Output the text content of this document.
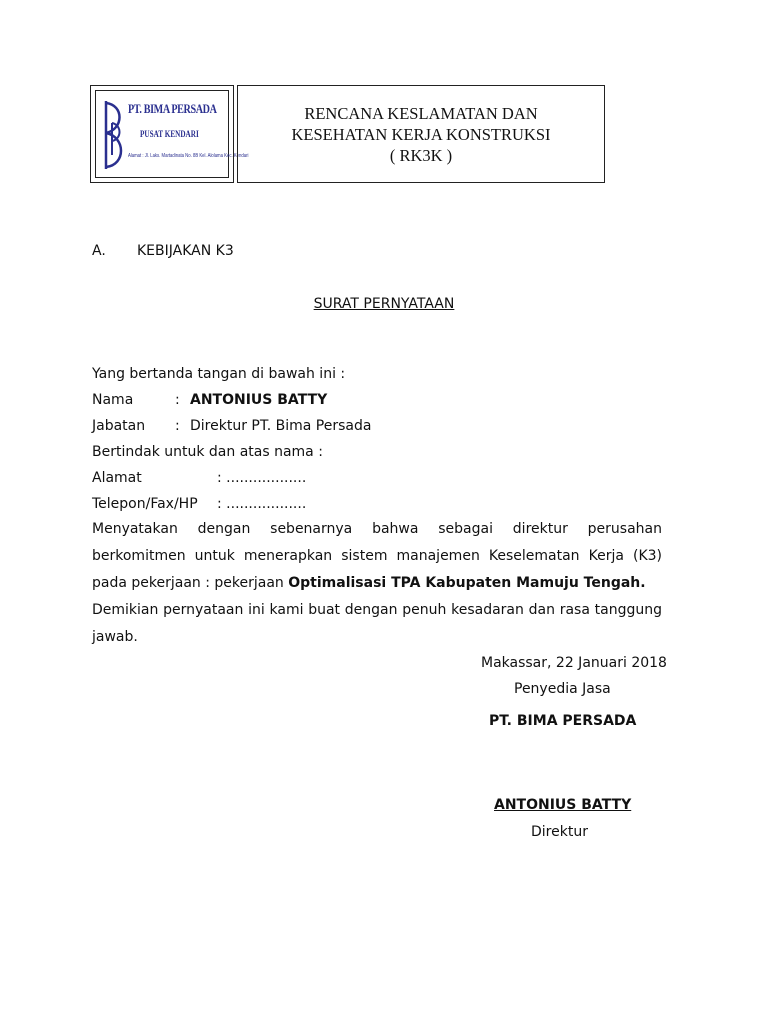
PT. BIMA PERSADA
PUSAT KENDARI
Alamat : Jl. Laks. Martadinata No. 8B Kel. Alolama Kec. Kendari
RENCANA KESLAMATAN DAN
KESEHATAN KERJA KONSTRUKSI
( RK3K )
A. KEBIJAKAN K3
SURAT PERNYATAAN
Yang bertanda tangan di bawah ini :
Nama	: ANTONIUS BATTY
Jabatan : Direktur PT. Bima Persada
Bertindak untuk dan atas nama :
Alamat	: ..................
Telepon/Fax/HP : ..................
Menyatakan dengan sebenarnya bahwa sebagai direktur perusahan berkomitmen untuk menerapkan sistem manajemen Keselematan Kerja (K3) pada pekerjaan : pekerjaan Optimalisasi TPA Kabupaten Mamuju Tengah.
Demikian pernyataan ini kami buat dengan penuh kesadaran dan rasa tanggung jawab.
Makassar, 22 Januari 2018
Penyedia Jasa
PT. BIMA PERSADA
ANTONIUS BATTY
Direktur
